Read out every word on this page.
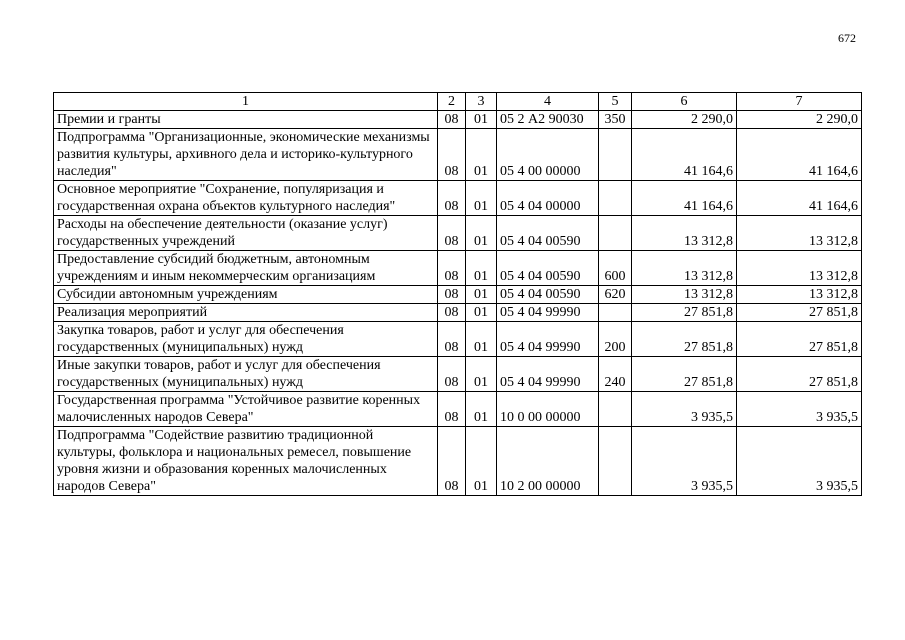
672
1	2	3	4	5	6	7
Премии и гранты	08	01	05 2 А2 90030	350	2 290,0	2 290,0
Подпрограмма "Организационные, экономические механизмы развития культуры, архивного дела и историко-культурного наследия"	08	01	05 4 00 00000		41 164,6	41 164,6
Основное мероприятие "Сохранение, популяризация и государственная охрана объектов культурного наследия"	08	01	05 4 04 00000		41 164,6	41 164,6
Расходы на обеспечение деятельности (оказание услуг) государственных учреждений	08	01	05 4 04 00590		13 312,8	13 312,8
Предоставление субсидий бюджетным, автономным учреждениям и иным некоммерческим организациям	08	01	05 4 04 00590	600	13 312,8	13 312,8
Субсидии автономным учреждениям	08	01	05 4 04 00590	620	13 312,8	13 312,8
Реализация мероприятий	08	01	05 4 04 99990		27 851,8	27 851,8
Закупка товаров, работ и услуг для обеспечения государственных (муниципальных) нужд	08	01	05 4 04 99990	200	27 851,8	27 851,8
Иные закупки товаров, работ и услуг для обеспечения государственных (муниципальных) нужд	08	01	05 4 04 99990	240	27 851,8	27 851,8
Государственная программа "Устойчивое развитие коренных малочисленных народов Севера"	08	01	10 0 00 00000		3 935,5	3 935,5
Подпрограмма "Содействие развитию традиционной культуры, фольклора и национальных ремесел, повышение уровня жизни и образования коренных малочисленных народов Севера"	08	01	10 2 00 00000		3 935,5	3 935,5
